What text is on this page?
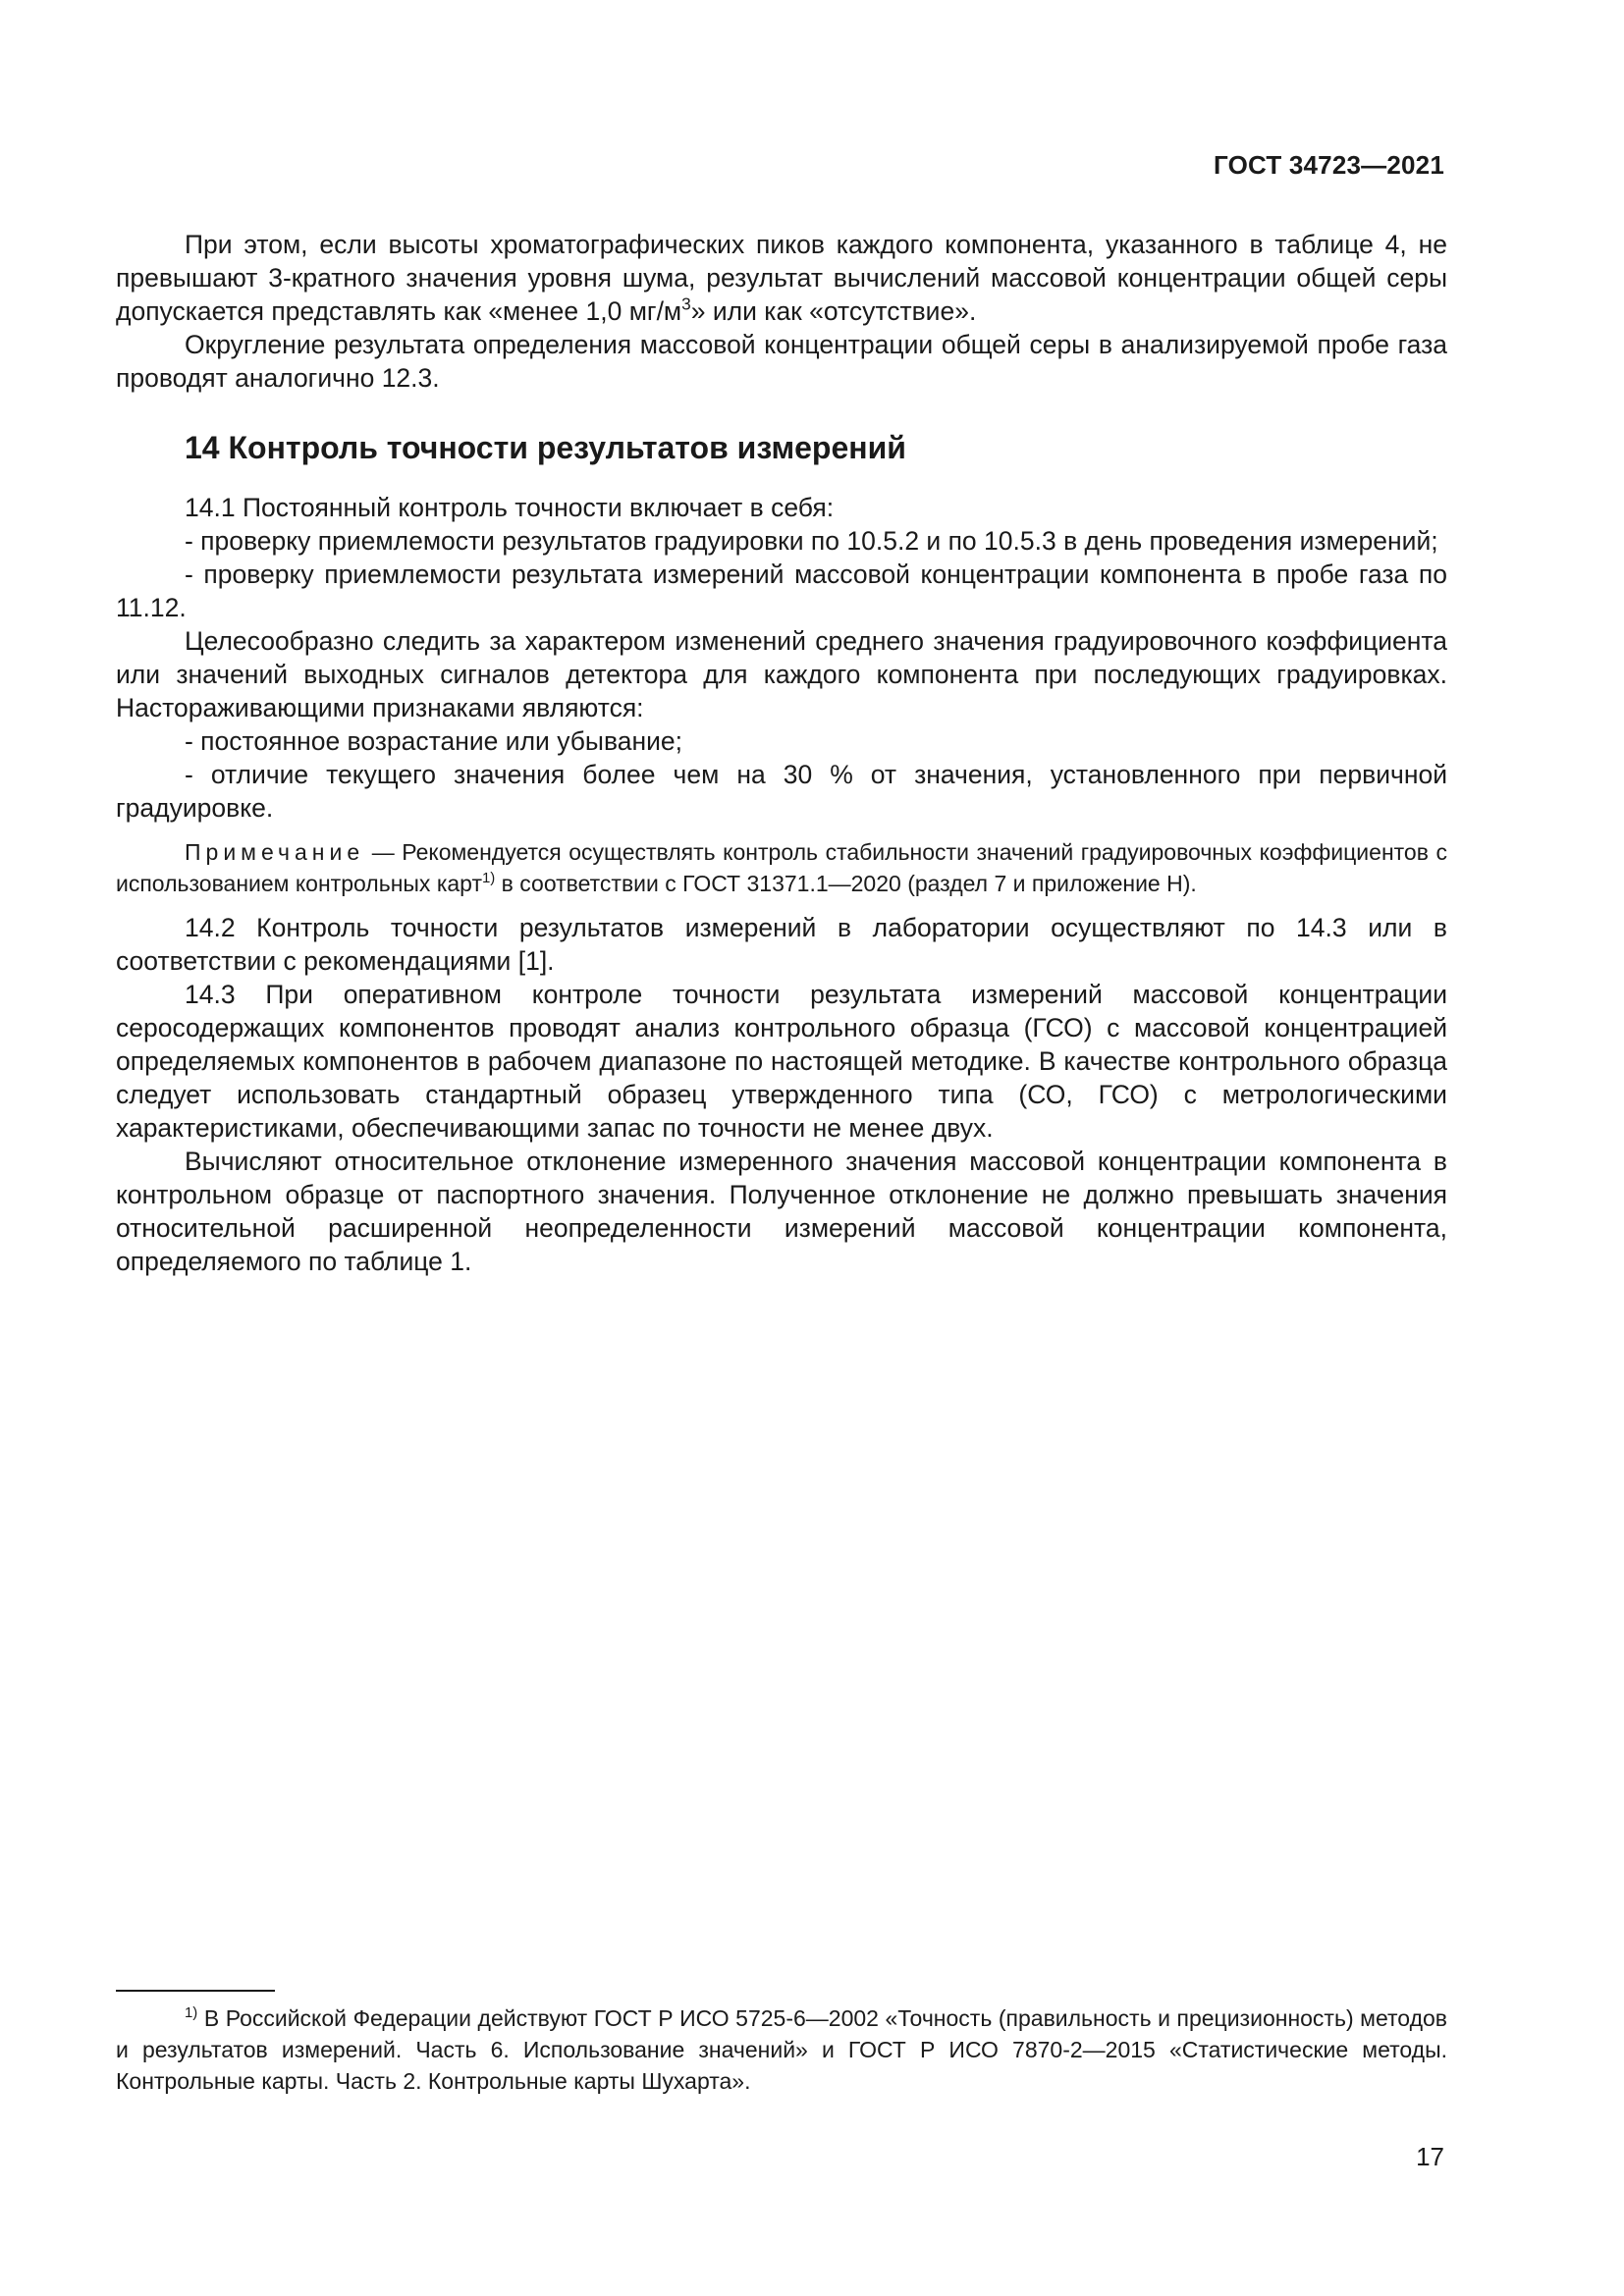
ГОСТ 34723—2021

При этом, если высоты хроматографических пиков каждого компонента, указанного в таблице 4, не превышают 3-кратного значения уровня шума, результат вычислений массовой концентрации общей серы допускается представлять как «менее 1,0 $мг/м^3$» или как «отсутствие».

Округление результата определения массовой концентрации общей серы в анализируемой пробе газа проводят аналогично 12.3.

14 Контроль точности результатов измерений

14.1 Постоянный контроль точности включает в себя:

- проверку приемлемости результатов градуировки по 10.5.2 и по 10.5.3 в день проведения измерений;

- проверку приемлемости результата измерений массовой концентрации компонента в пробе газа по 11.12.

Целесообразно следить за характером изменений среднего значения градуировочного коэффициента или значений выходных сигналов детектора для каждого компонента при последующих градуировках. Настораживающими признаками являются:

- постоянное возрастание или убывание;

- отличие текущего значения более чем на 30 % от значения, установленного при первичной градуировке.

Примечание — Рекомендуется осуществлять контроль стабильности значений градуировочных коэффициентов с использованием контрольных карт$^{1)}$ в соответствии с ГОСТ 31371.1—2020 (раздел 7 и приложение Н).

14.2 Контроль точности результатов измерений в лаборатории осуществляют по 14.3 или в соответствии с рекомендациями [1].

14.3 При оперативном контроле точности результата измерений массовой концентрации серосодержащих компонентов проводят анализ контрольного образца (ГСО) с массовой концентрацией определяемых компонентов в рабочем диапазоне по настоящей методике. В качестве контрольного образца следует использовать стандартный образец утвержденного типа (СО, ГСО) с метрологическими характеристиками, обеспечивающими запас по точности не менее двух.

Вычисляют относительное отклонение измеренного значения массовой концентрации компонента в контрольном образце от паспортного значения. Полученное отклонение не должно превышать значения относительной расширенной неопределенности измерений массовой концентрации компонента, определяемого по таблице 1.

$^{1)}$ В Российской Федерации действуют ГОСТ Р ИСО 5725-6—2002 «Точность (правильность и прецизионность) методов и результатов измерений. Часть 6. Использование значений» и ГОСТ Р ИСО 7870-2—2015 «Статистические методы. Контрольные карты. Часть 2. Контрольные карты Шухарта».
17
